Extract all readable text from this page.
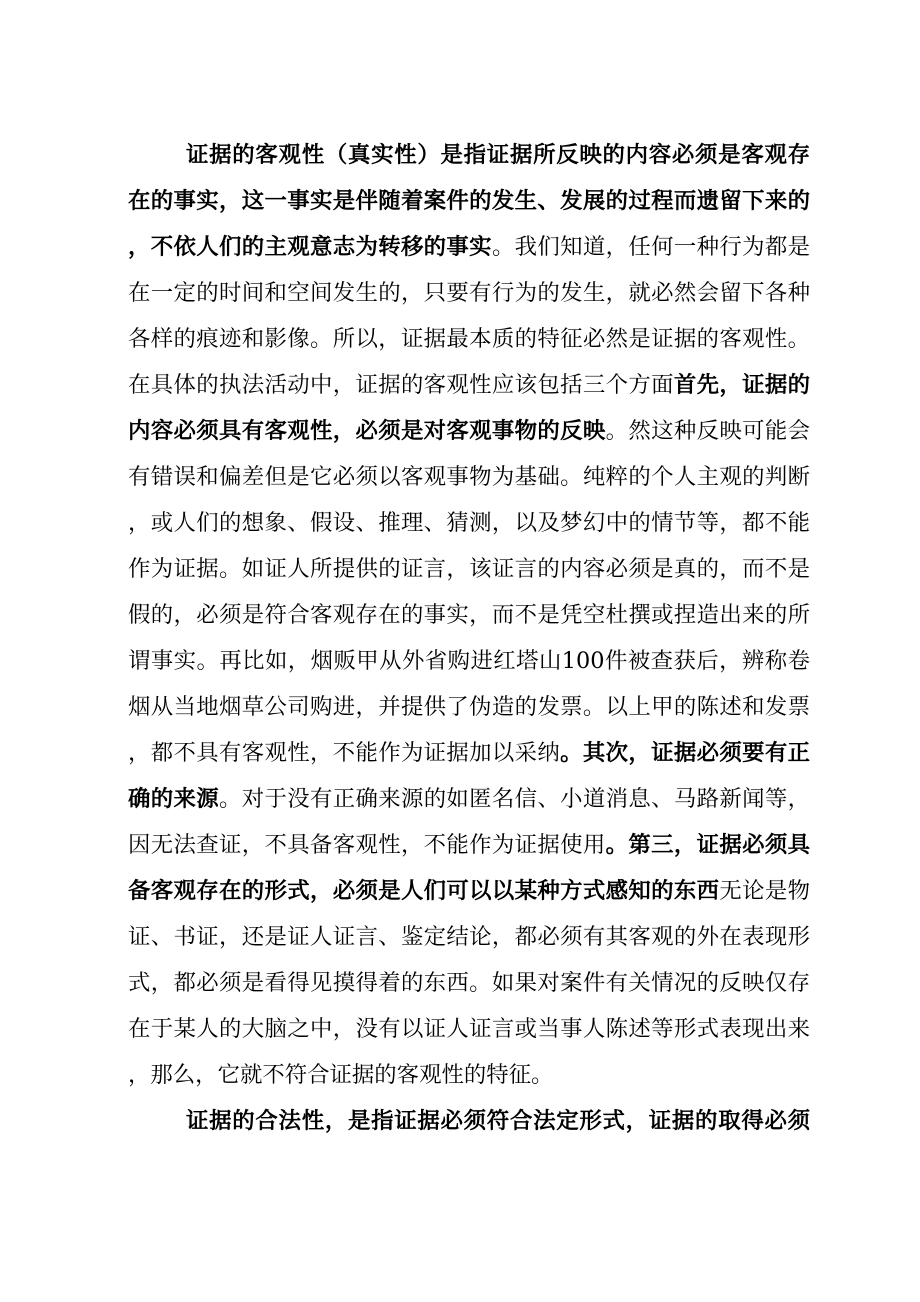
证据的客观性（真实性）是指证据所反映的内容必须是客观存
在的事实，这一事实是伴随着案件的发生、发展的过程而遗留下来的
，不依人们的主观意志为转移的事实。我们知道，任何一种行为都是
在一定的时间和空间发生的，只要有行为的发生，就必然会留下各种
各样的痕迹和影像。所以，证据最本质的特征必然是证据的客观性。
在具体的执法活动中，证据的客观性应该包括三个方面首先，证据的
内容必须具有客观性，必须是对客观事物的反映。然这种反映可能会
有错误和偏差但是它必须以客观事物为基础。纯粹的个人主观的判断
，或人们的想象、假设、推理、猜测，以及梦幻中的情节等，都不能
作为证据。如证人所提供的证言，该证言的内容必须是真的，而不是
假的，必须是符合客观存在的事实，而不是凭空杜撰或捏造出来的所
谓事实。再比如，烟贩甲从外省购进红塔山100件被查获后，辨称卷
烟从当地烟草公司购进，并提供了伪造的发票。以上甲的陈述和发票
，都不具有客观性，不能作为证据加以采纳。其次，证据必须要有正
确的来源。对于没有正确来源的如匿名信、小道消息、马路新闻等，
因无法查证，不具备客观性，不能作为证据使用。第三，证据必须具
备客观存在的形式，必须是人们可以以某种方式感知的东西无论是物
证、书证，还是证人证言、鉴定结论，都必须有其客观的外在表现形
式，都必须是看得见摸得着的东西。如果对案件有关情况的反映仅存
在于某人的大脑之中，没有以证人证言或当事人陈述等形式表现出来
，那么，它就不符合证据的客观性的特征。
证据的合法性，是指证据必须符合法定形式，证据的取得必须
